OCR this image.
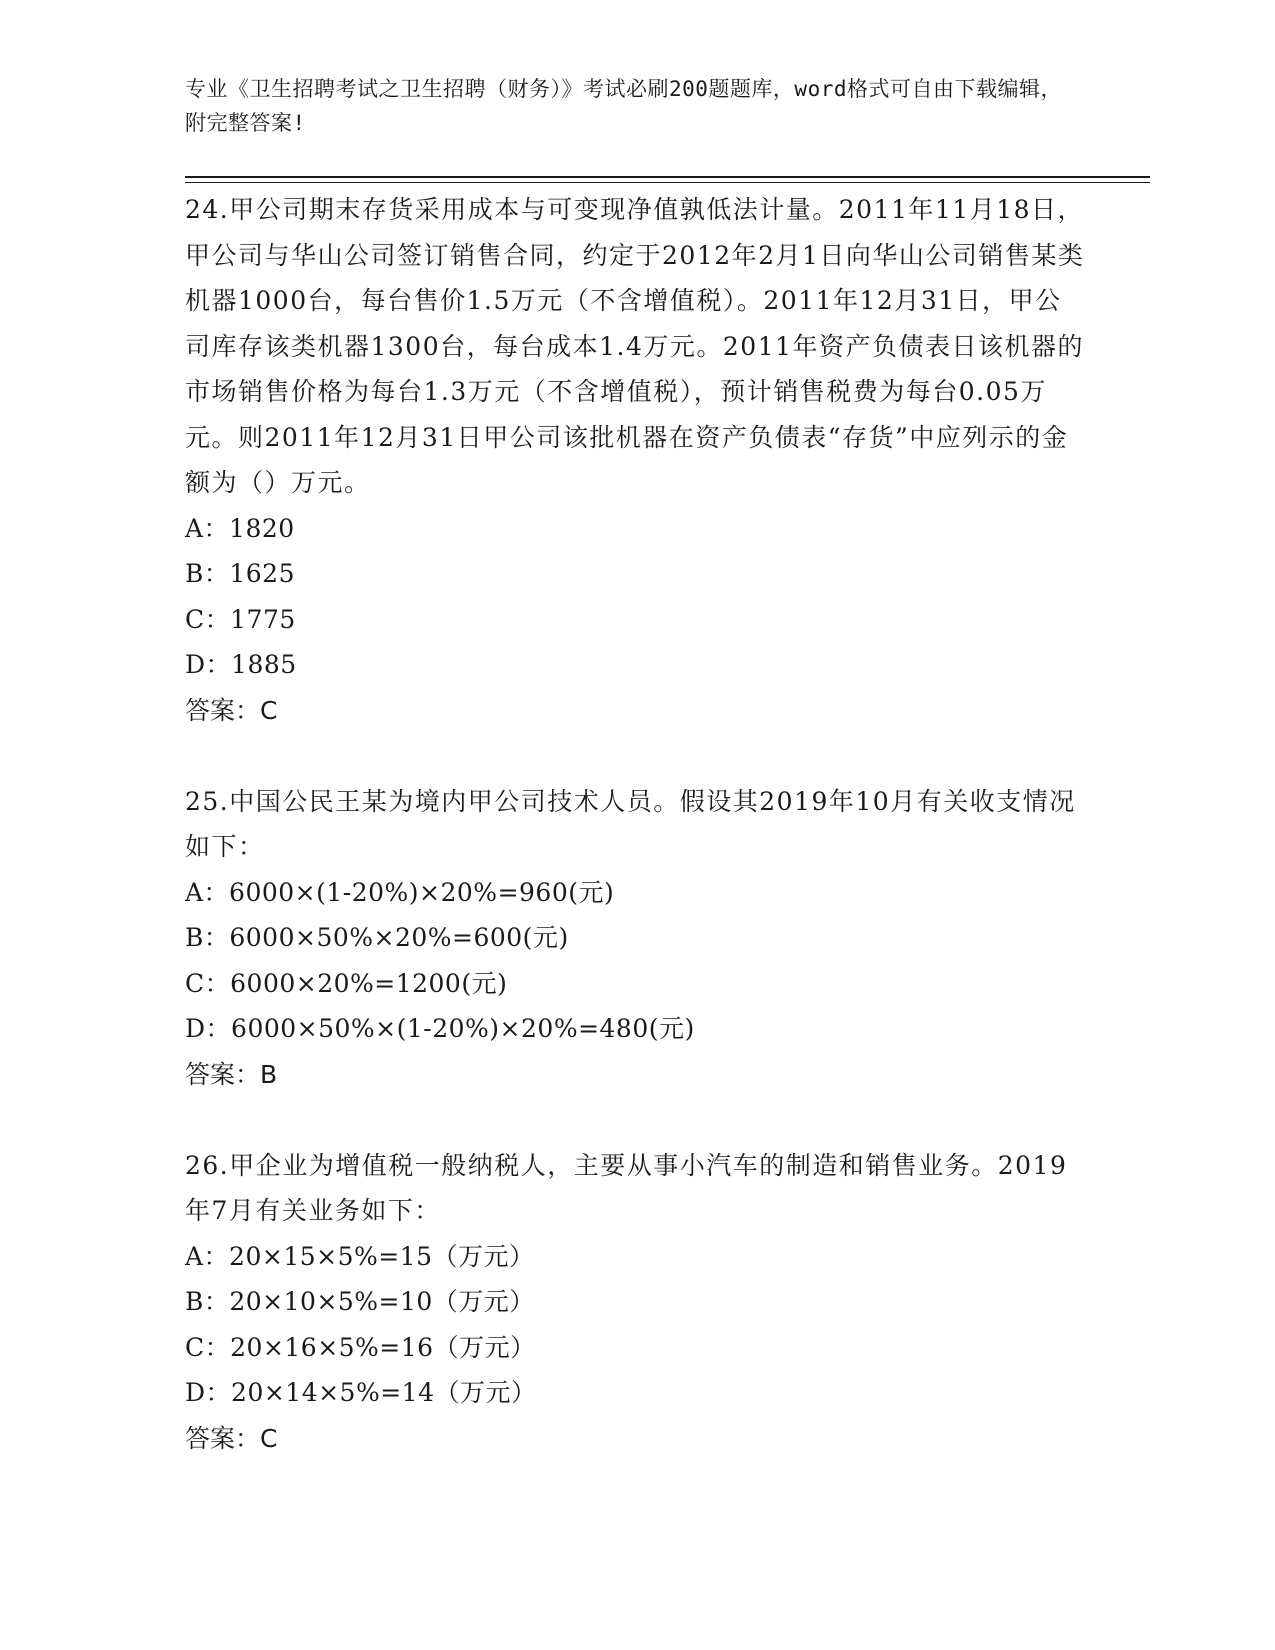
专业《卫生招聘考试之卫生招聘（财务）》考试必刷200题题库，word格式可自由下载编辑，附完整答案!

24.甲公司期末存货采用成本与可变现净值孰低法计量。2011年11月18日，甲公司与华山公司签订销售合同，约定于2012年2月1日向华山公司销售某类机器1000台，每台售价1.5万元（不含增值税）。2011年12月31日，甲公司库存该类机器1300台，每台成本1.4万元。2011年资产负债表日该机器的市场销售价格为每台1.3万元（不含增值税），预计销售税费为每台0.05万元。则2011年12月31日甲公司该批机器在资产负债表“存货”中应列示的金额为（）万元。

A：1820

B：1625

C：1775

D：1885

答案：C

25.中国公民王某为境内甲公司技术人员。假设其2019年10月有关收支情况如下：

A：6000×(1-20%)×20%=960(元)

B：6000×50%×20%=600(元)

C：6000×20%=1200(元)

D：6000×50%×(1-20%)×20%=480(元)

答案：B

26.甲企业为增值税一般纳税人，主要从事小汽车的制造和销售业务。2019年7月有关业务如下：

A：20×15×5%=15（万元）

B：20×10×5%=10（万元）

C：20×16×5%=16（万元）

D：20×14×5%=14（万元）

答案：C
